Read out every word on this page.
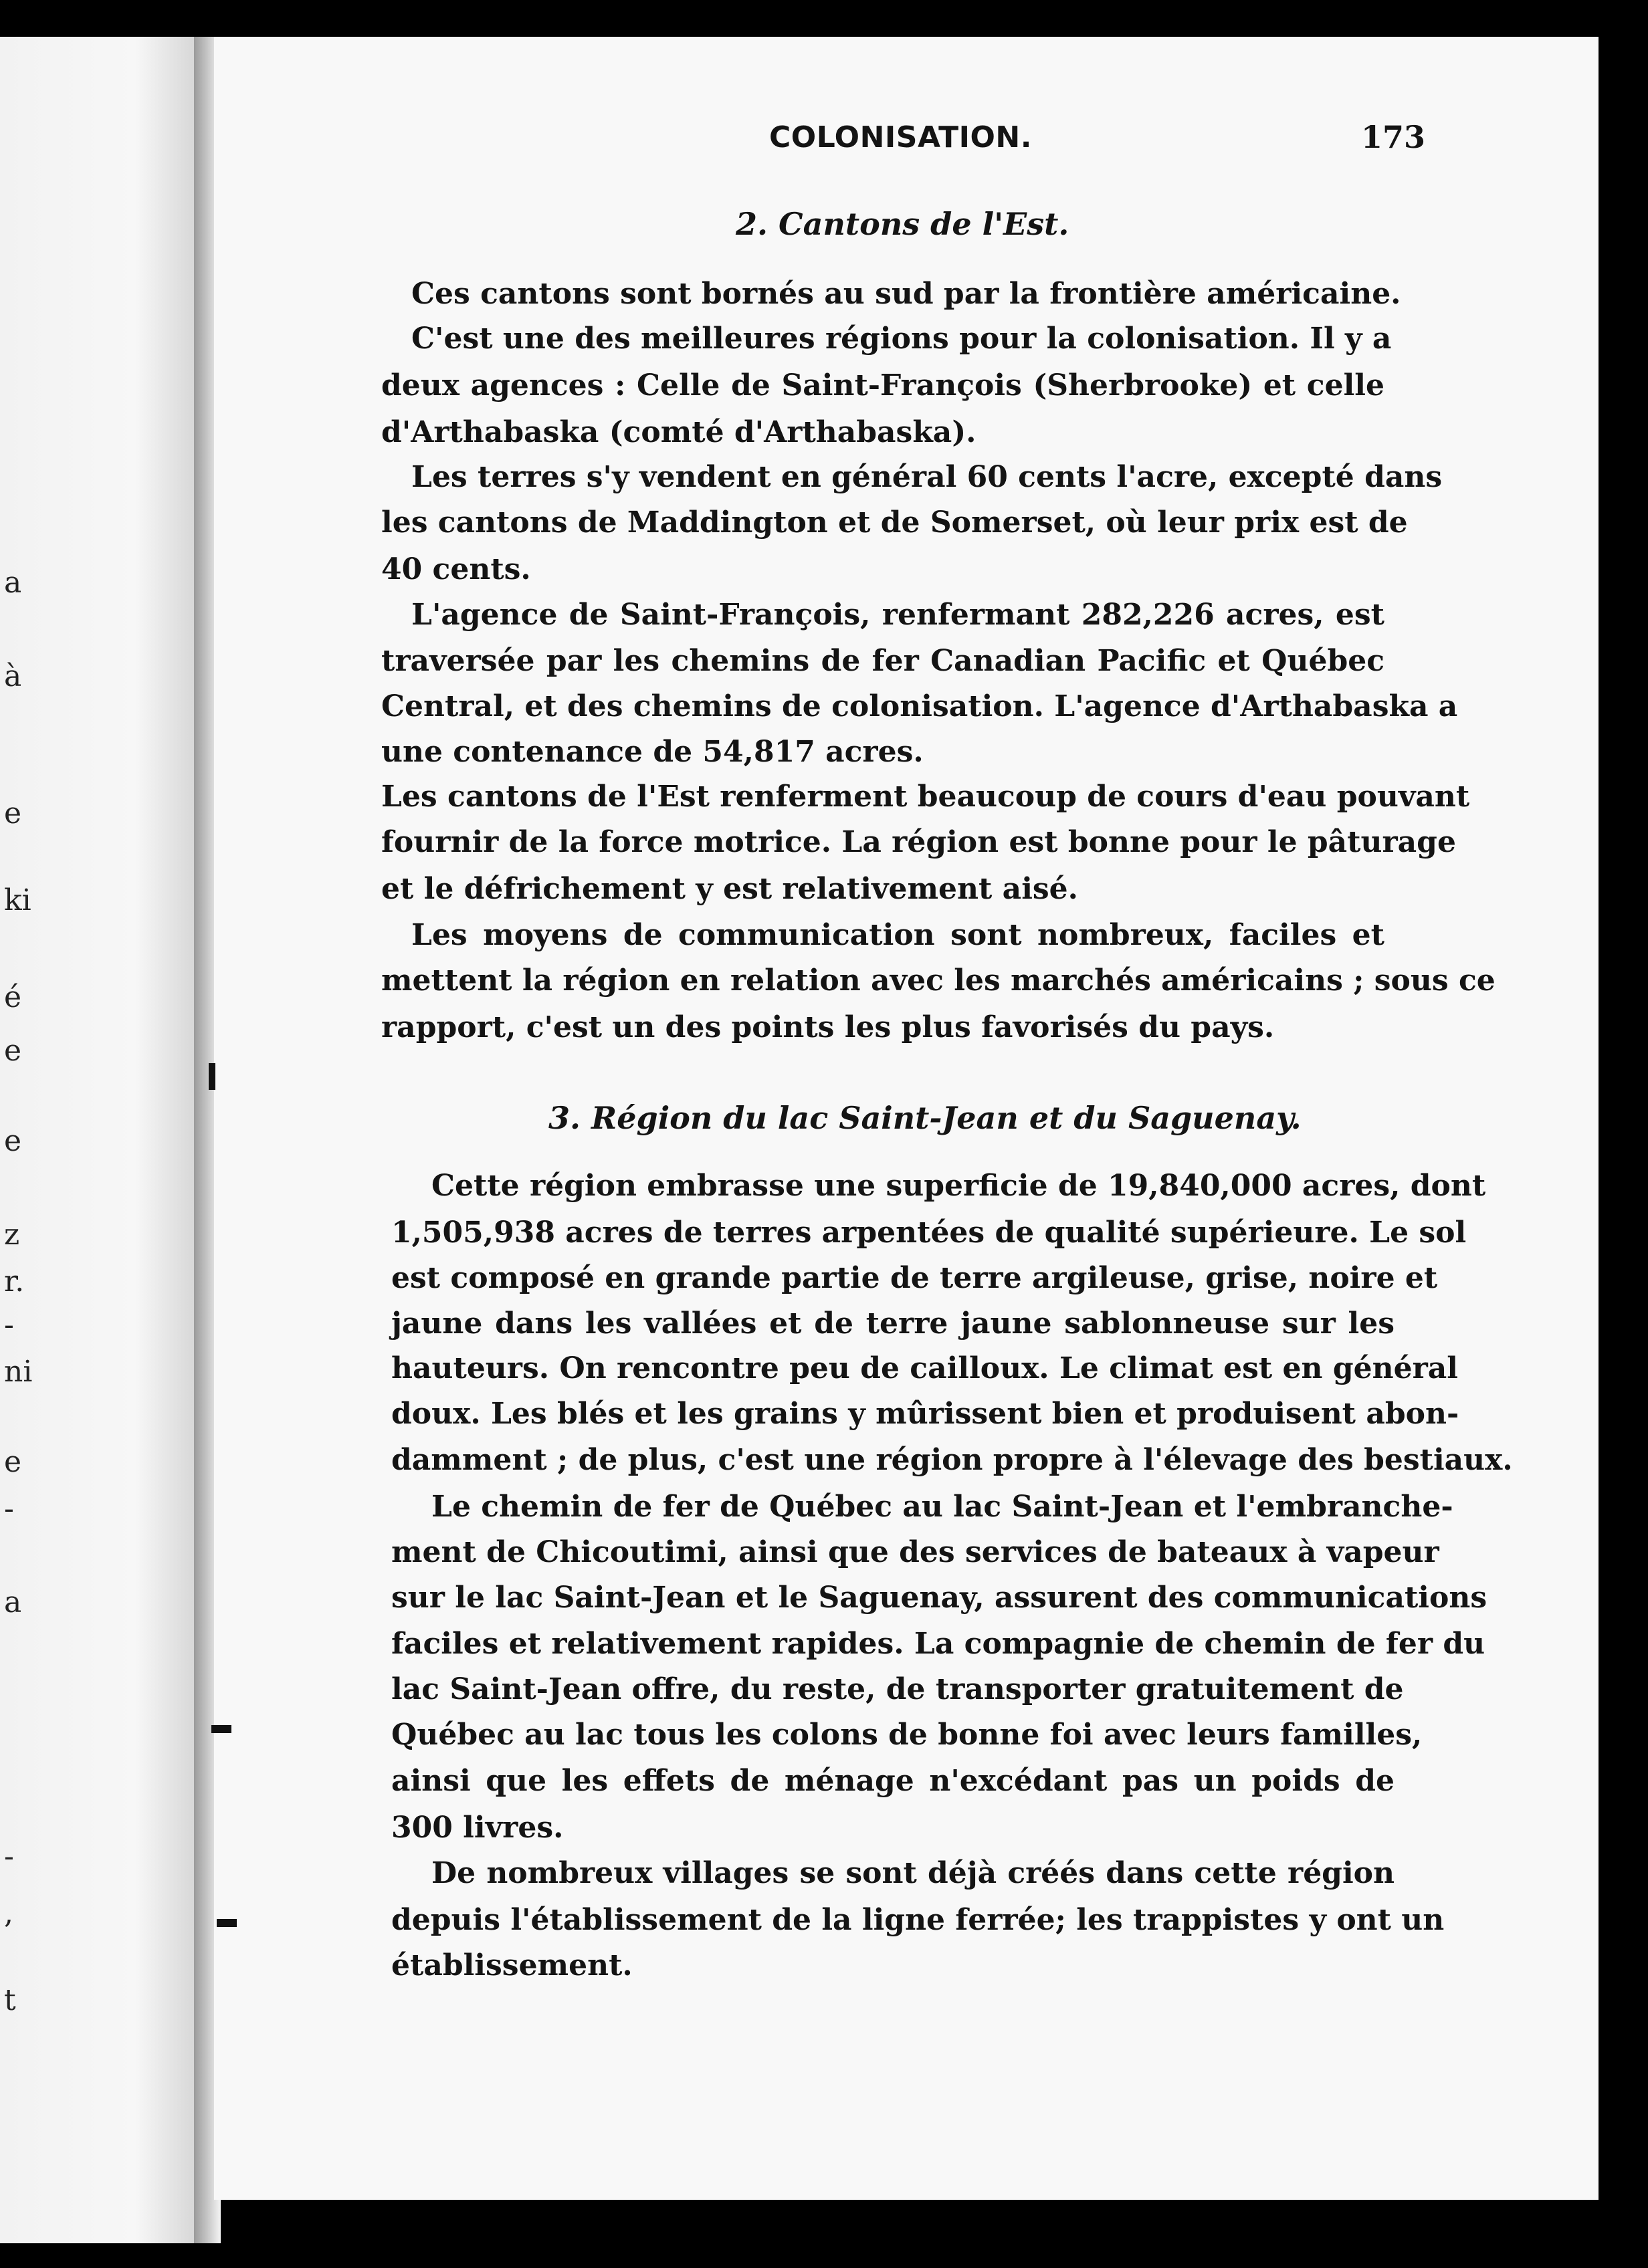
a
à
e
ki
é
e
e
z
r.
-
ni
e
-
a
-
,
t
COLONISATION.	173
2. Cantons de l'Est.
Ces cantons sont bornés au sud par la frontière américaine.
C'est une des meilleures régions pour la colonisation. Il y a
deux agences : Celle de Saint-François (Sherbrooke) et celle
d'Arthabaska (comté d'Arthabaska).
Les terres s'y vendent en général 60 cents l'acre, excepté dans
les cantons de Maddington et de Somerset, où leur prix est de
40 cents.
L'agence de Saint-François, renfermant 282,226 acres, est
traversée par les chemins de fer Canadian Pacific et Québec
Central, et des chemins de colonisation. L'agence d'Arthabaska a
une contenance de 54,817 acres.
Les cantons de l'Est renferment beaucoup de cours d'eau pouvant
fournir de la force motrice. La région est bonne pour le pâturage
et le défrichement y est relativement aisé.
Les moyens de communication sont nombreux, faciles et
mettent la région en relation avec les marchés américains ; sous ce
rapport, c'est un des points les plus favorisés du pays.
3. Région du lac Saint-Jean et du Saguenay.
Cette région embrasse une superficie de 19,840,000 acres, dont
1,505,938 acres de terres arpentées de qualité supérieure. Le sol
est composé en grande partie de terre argileuse, grise, noire et
jaune dans les vallées et de terre jaune sablonneuse sur les
hauteurs. On rencontre peu de cailloux. Le climat est en général
doux. Les blés et les grains y mûrissent bien et produisent abon-
damment ; de plus, c'est une région propre à l'élevage des bestiaux.
Le chemin de fer de Québec au lac Saint-Jean et l'embranche-
ment de Chicoutimi, ainsi que des services de bateaux à vapeur
sur le lac Saint-Jean et le Saguenay, assurent des communications
faciles et relativement rapides. La compagnie de chemin de fer du
lac Saint-Jean offre, du reste, de transporter gratuitement de
Québec au lac tous les colons de bonne foi avec leurs familles,
ainsi que les effets de ménage n'excédant pas un poids de
300 livres.
De nombreux villages se sont déjà créés dans cette région
depuis l'établissement de la ligne ferrée; les trappistes y ont un
établissement.
